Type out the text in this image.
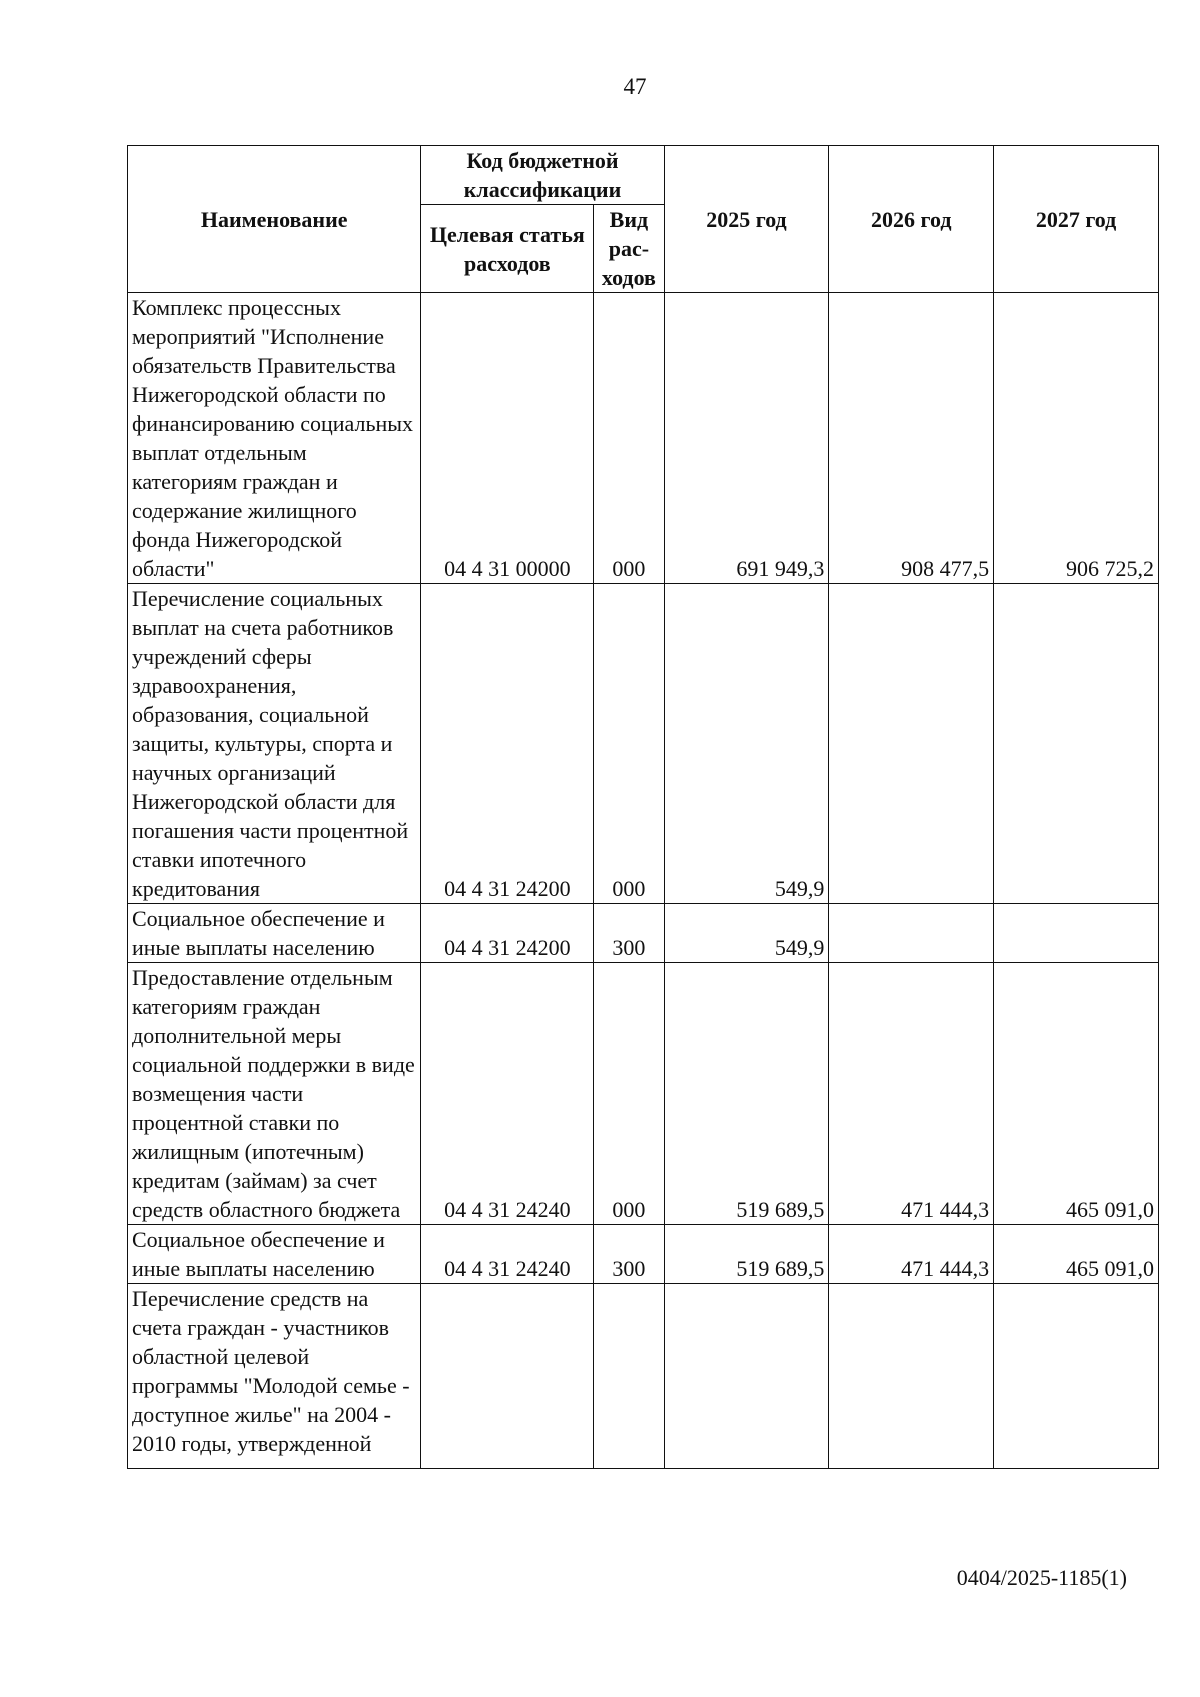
47
Наименование	Код бюджетной классификации		2025 год	2026 год	2027 год
	Целевая статья расходов	Вид рас-ходов			
Комплекс процессных мероприятий "Исполнение обязательств Правительства Нижегородской области по финансированию социальных выплат отдельным категориям граждан и содержание жилищного фонда Нижегородской области"	04 4 31 00000	000	691 949,3	908 477,5	906 725,2
Перечисление социальных выплат на счета работников учреждений сферы здравоохранения, образования, социальной защиты, культуры, спорта и научных организаций Нижегородской области для погашения части процентной ставки ипотечного кредитования	04 4 31 24200	000	549,9		
Социальное обеспечение и иные выплаты населению	04 4 31 24200	300	549,9		
Предоставление отдельным категориям граждан дополнительной меры социальной поддержки в виде возмещения части процентной ставки по жилищным (ипотечным) кредитам (займам) за счет средств областного бюджета	04 4 31 24240	000	519 689,5	471 444,3	465 091,0
Социальное обеспечение и иные выплаты населению	04 4 31 24240	300	519 689,5	471 444,3	465 091,0
Перечисление средств на счета граждан - участников областной целевой программы "Молодой семье - доступное жилье" на 2004 - 2010 годы, утвержденной					
0404/2025-1185(1)
